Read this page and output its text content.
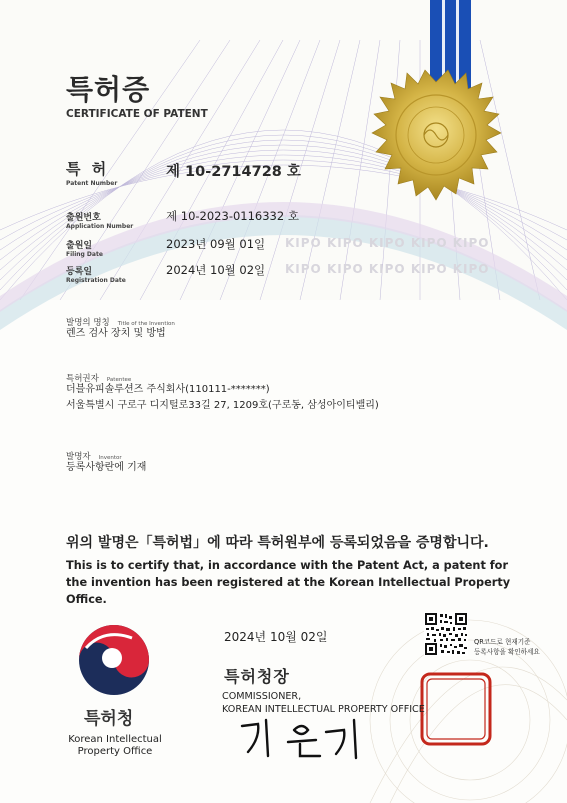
KIPO KIPO KIPO KIPO KIPO
KIPO KIPO KIPO KIPO KIPO
특허증
CERTIFICATE OF PATENT
특 허
Patent Number
제 10-2714728 호
출원번호
Application Number
제 10-2023-0116332 호
출원일
Filing Date
2023년 09월 01일
등록일
Registration Date
2024년 10월 02일
발명의 명칭 Title of the Invention
렌즈 검사 장치 및 방법
특허권자 Patentee
더블유피솔루션즈 주식회사(110111-*******)
서울특별시 구로구 디지털로33길 27, 1209호(구로동, 삼성아이티밸리)
발명자 Inventor
등록사항란에 기재
위의 발명은「특허법」에 따라 특허원부에 등록되었음을 증명합니다.
This is to certify that, in accordance with the Patent Act, a patent for the invention has been registered at the Korean Intellectual Property Office.
특허청
Korean Intellectual
Property Office
2024년 10월 02일
특허청장
COMMISSIONER,
KOREAN INTELLECTUAL PROPERTY OFFICE
QR코드로 현재기준
등록사항을 확인하세요
